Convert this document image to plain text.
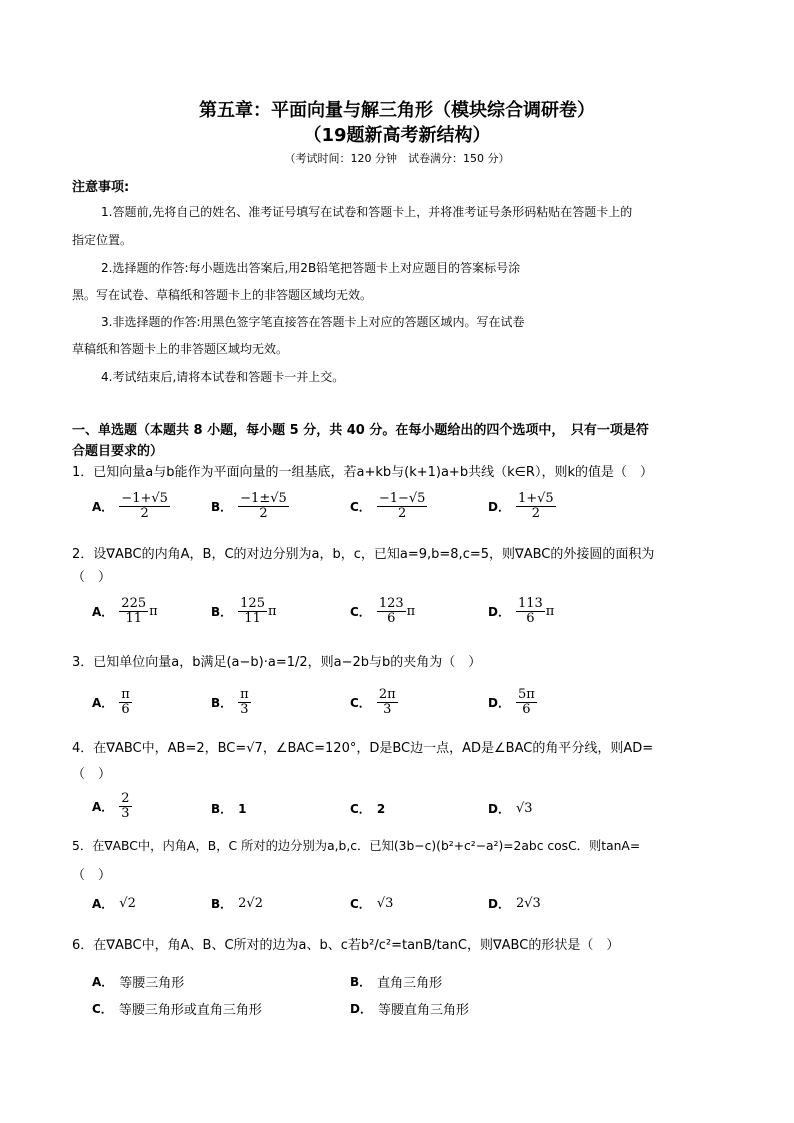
第五章：平面向量与解三角形（模块综合调研卷）
（19题新高考新结构）
（考试时间：120 分钟　试卷满分：150 分）
注意事项:
1.答题前,先将自己的姓名、准考证号填写在试卷和答题卡上，并将准考证号条形码粘贴在答题卡上的
指定位置。
2.选择题的作答:每小题选出答案后,用2B铅笔把答题卡上对应题目的答案标号涂
黑。写在试卷、草稿纸和答题卡上的非答题区域均无效。
3.非选择题的作答:用黑色签字笔直接答在答题卡上对应的答题区域内。写在试卷
草稿纸和答题卡上的非答题区域均无效。
4.考试结束后,请将本试卷和答题卡一并上交。
一、单选题（本题共 8 小题，每小题 5 分，共 40 分。在每小题给出的四个选项中，　只有一项是符
合题目要求的）
1．已知向量a与b能作为平面向量的一组基底，若a+kb与(k+1)a+b共线（k∈R），则k的值是（　）
A． $\frac{-1+√5}{2}$	B． $\frac{-1\pm√5}{2}$	C． $\frac{-1-√5}{2}$	D． $\frac{1+√5}{2}$
2．设∇ABC的内角A，B，C的对边分别为a，b，c，已知a=9,b=8,c=5，则∇ABC的外接圆的面积为
（　）
A． $\frac{225}{11}$ π	B． $\frac{125}{11}$ π	C． $\frac{123}{6}$ π	D． $\frac{113}{6}$ π
3．已知单位向量a，b满足(a−b)·a=1/2，则a−2b与b的夹角为（　）
A． $\frac{\pi}{6}$	B． $\frac{\pi}{3}$	C． $\frac{2\pi}{3}$	D． $\frac{5\pi}{6}$
4．在∇ABC中，AB=2，BC=√7，∠BAC=120°，D是BC边一点，AD是∠BAC的角平分线，则AD=
（　）
A． $\frac{2}{3}$	B． 1	C． 2	D． √3
5．在∇ABC中，内角A，B，C 所对的边分别为a,b,c．已知(3b−c)(b²+c²−a²)=2abc cosC．则tanA=
（　）
A． √2	B． 2√2	C． √3	D． 2√3
6．在∇ABC中，角A、B、C所对的边为a、b、c若b²/c²=tanB/tanC，则∇ABC的形状是（　）
A． 等腰三角形	B． 直角三角形
C． 等腰三角形或直角三角形	D． 等腰直角三角形
